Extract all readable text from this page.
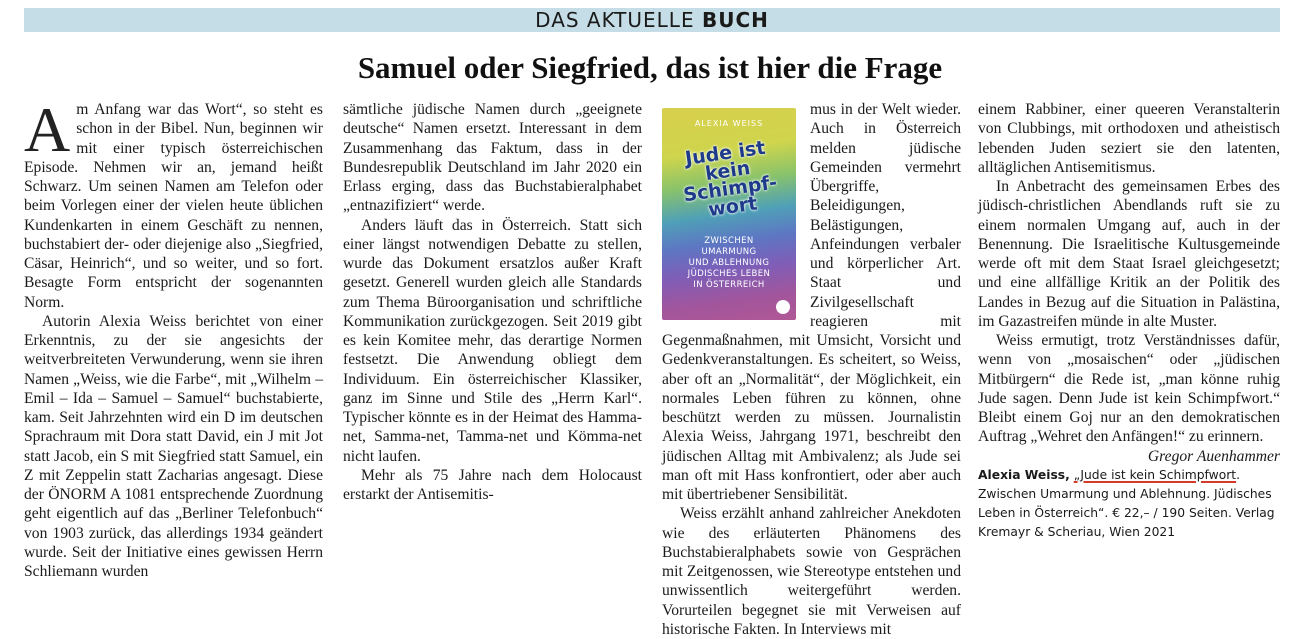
DAS AKTUELLE BUCH
Samuel oder Siegfried, das ist hier die Frage

Am Anfang war das Wort“, so steht es schon in der Bibel. Nun, beginnen wir mit einer typisch österreichischen Episode. Nehmen wir an, jemand heißt Schwarz. Um seinen Namen am Telefon oder beim Vorlegen einer der vielen heute üblichen Kundenkarten in einem Geschäft zu nennen, buchstabiert der- oder diejenige also „Siegfried, Cäsar, Heinrich“, und so weiter, und so fort. Besagte Form entspricht der sogenannten Norm.

Autorin Alexia Weiss berichtet von einer Erkenntnis, zu der sie angesichts der weitverbreiteten Verwunderung, wenn sie ihren Namen „Weiss, wie die Farbe“, mit „Wilhelm – Emil – Ida – Samuel – Samuel“ buchstabierte, kam. Seit Jahrzehnten wird ein D im deutschen Sprachraum mit Dora statt David, ein J mit Jot statt Jacob, ein S mit Siegfried statt Samuel, ein Z mit Zeppelin statt Zacharias angesagt. Diese der ÖNORM A 1081 entsprechende Zuordnung geht eigentlich auf das „Berliner Telefonbuch“ von 1903 zurück, das allerdings 1934 geändert wurde. Seit der Initiative eines gewissen Herrn Schliemann wurden

sämtliche jüdische Namen durch „geeignete deutsche“ Namen ersetzt. Interessant in dem Zusammenhang das Faktum, dass in der Bundesrepublik Deutschland im Jahr 2020 ein Erlass erging, dass das Buchstabieralphabet „entnazifiziert“ werde.

Anders läuft das in Österreich. Statt sich einer längst notwendigen Debatte zu stellen, wurde das Dokument ersatzlos außer Kraft gesetzt. Generell wurden gleich alle Standards zum Thema Büroorganisation und schriftliche Kommunikation zurückgezogen. Seit 2019 gibt es kein Komitee mehr, das derartige Normen festsetzt. Die Anwendung obliegt dem Individuum. Ein österreichischer Klassiker, ganz im Sinne und Stile des „Herrn Karl“. Typischer könnte es in der Heimat des Hamma-net, Samma-net, Tamma-net und Kömma-net nicht laufen.

Mehr als 75 Jahre nach dem Holocaust erstarkt der Antisemitis-

ALEXIA WEISS
Jude ist kein Schimpf-wort
ZWISCHEN
UMARMUNG
UND ABLEHNUNG
JÜDISCHES LEBEN
IN ÖSTERREICH
mus in der Welt wieder. Auch in Österreich melden jüdische Gemeinden vermehrt Übergriffe, Beleidigungen, Belästigungen, Anfeindungen verbaler und körperlicher Art. Staat und Zivilgesellschaft reagieren mit Gegenmaßnahmen, mit Umsicht, Vorsicht und Gedenkveranstaltungen. Es scheitert, so Weiss, aber oft an „Normalität“, der Möglichkeit, ein normales Leben führen zu können, ohne beschützt werden zu müssen. Journalistin Alexia Weiss, Jahrgang 1971, beschreibt den jüdischen Alltag mit Ambivalenz; als Jude sei man oft mit Hass konfrontiert, oder aber auch mit übertriebener Sensibilität.

Weiss erzählt anhand zahlreicher Anekdoten wie des erläuterten Phänomens des Buchstabieralphabets sowie von Gesprächen mit Zeitgenossen, wie Stereotype entstehen und unwissentlich weitergeführt werden. Vorurteilen begegnet sie mit Verweisen auf historische Fakten. In Interviews mit

einem Rabbiner, einer queeren Veranstalterin von Clubbings, mit orthodoxen und atheistisch lebenden Juden seziert sie den latenten, alltäglichen Antisemitismus.

In Anbetracht des gemeinsamen Erbes des jüdisch-christlichen Abendlands ruft sie zu einem normalen Umgang auf, auch in der Benennung. Die Israelitische Kultusgemeinde werde oft mit dem Staat Israel gleichgesetzt; und eine allfällige Kritik an der Politik des Landes in Bezug auf die Situation in Palästina, im Gazastreifen münde in alte Muster.

Weiss ermutigt, trotz Verständnisses dafür, wenn von „mosaischen“ oder „jüdischen Mitbürgern“ die Rede ist, „man könne ruhig Jude sagen. Denn Jude ist kein Schimpfwort.“ Bleibt einem Goj nur an den demokratischen Auftrag „Wehret den Anfängen!“ zu erinnern.

Gregor Auenhammer

Alexia Weiss, „Jude ist kein Schimpfwort. Zwischen Umarmung und Ablehnung. Jüdisches Leben in Österreich“. € 22,– / 190 Seiten. Verlag Kremayr & Scheriau, Wien 2021
